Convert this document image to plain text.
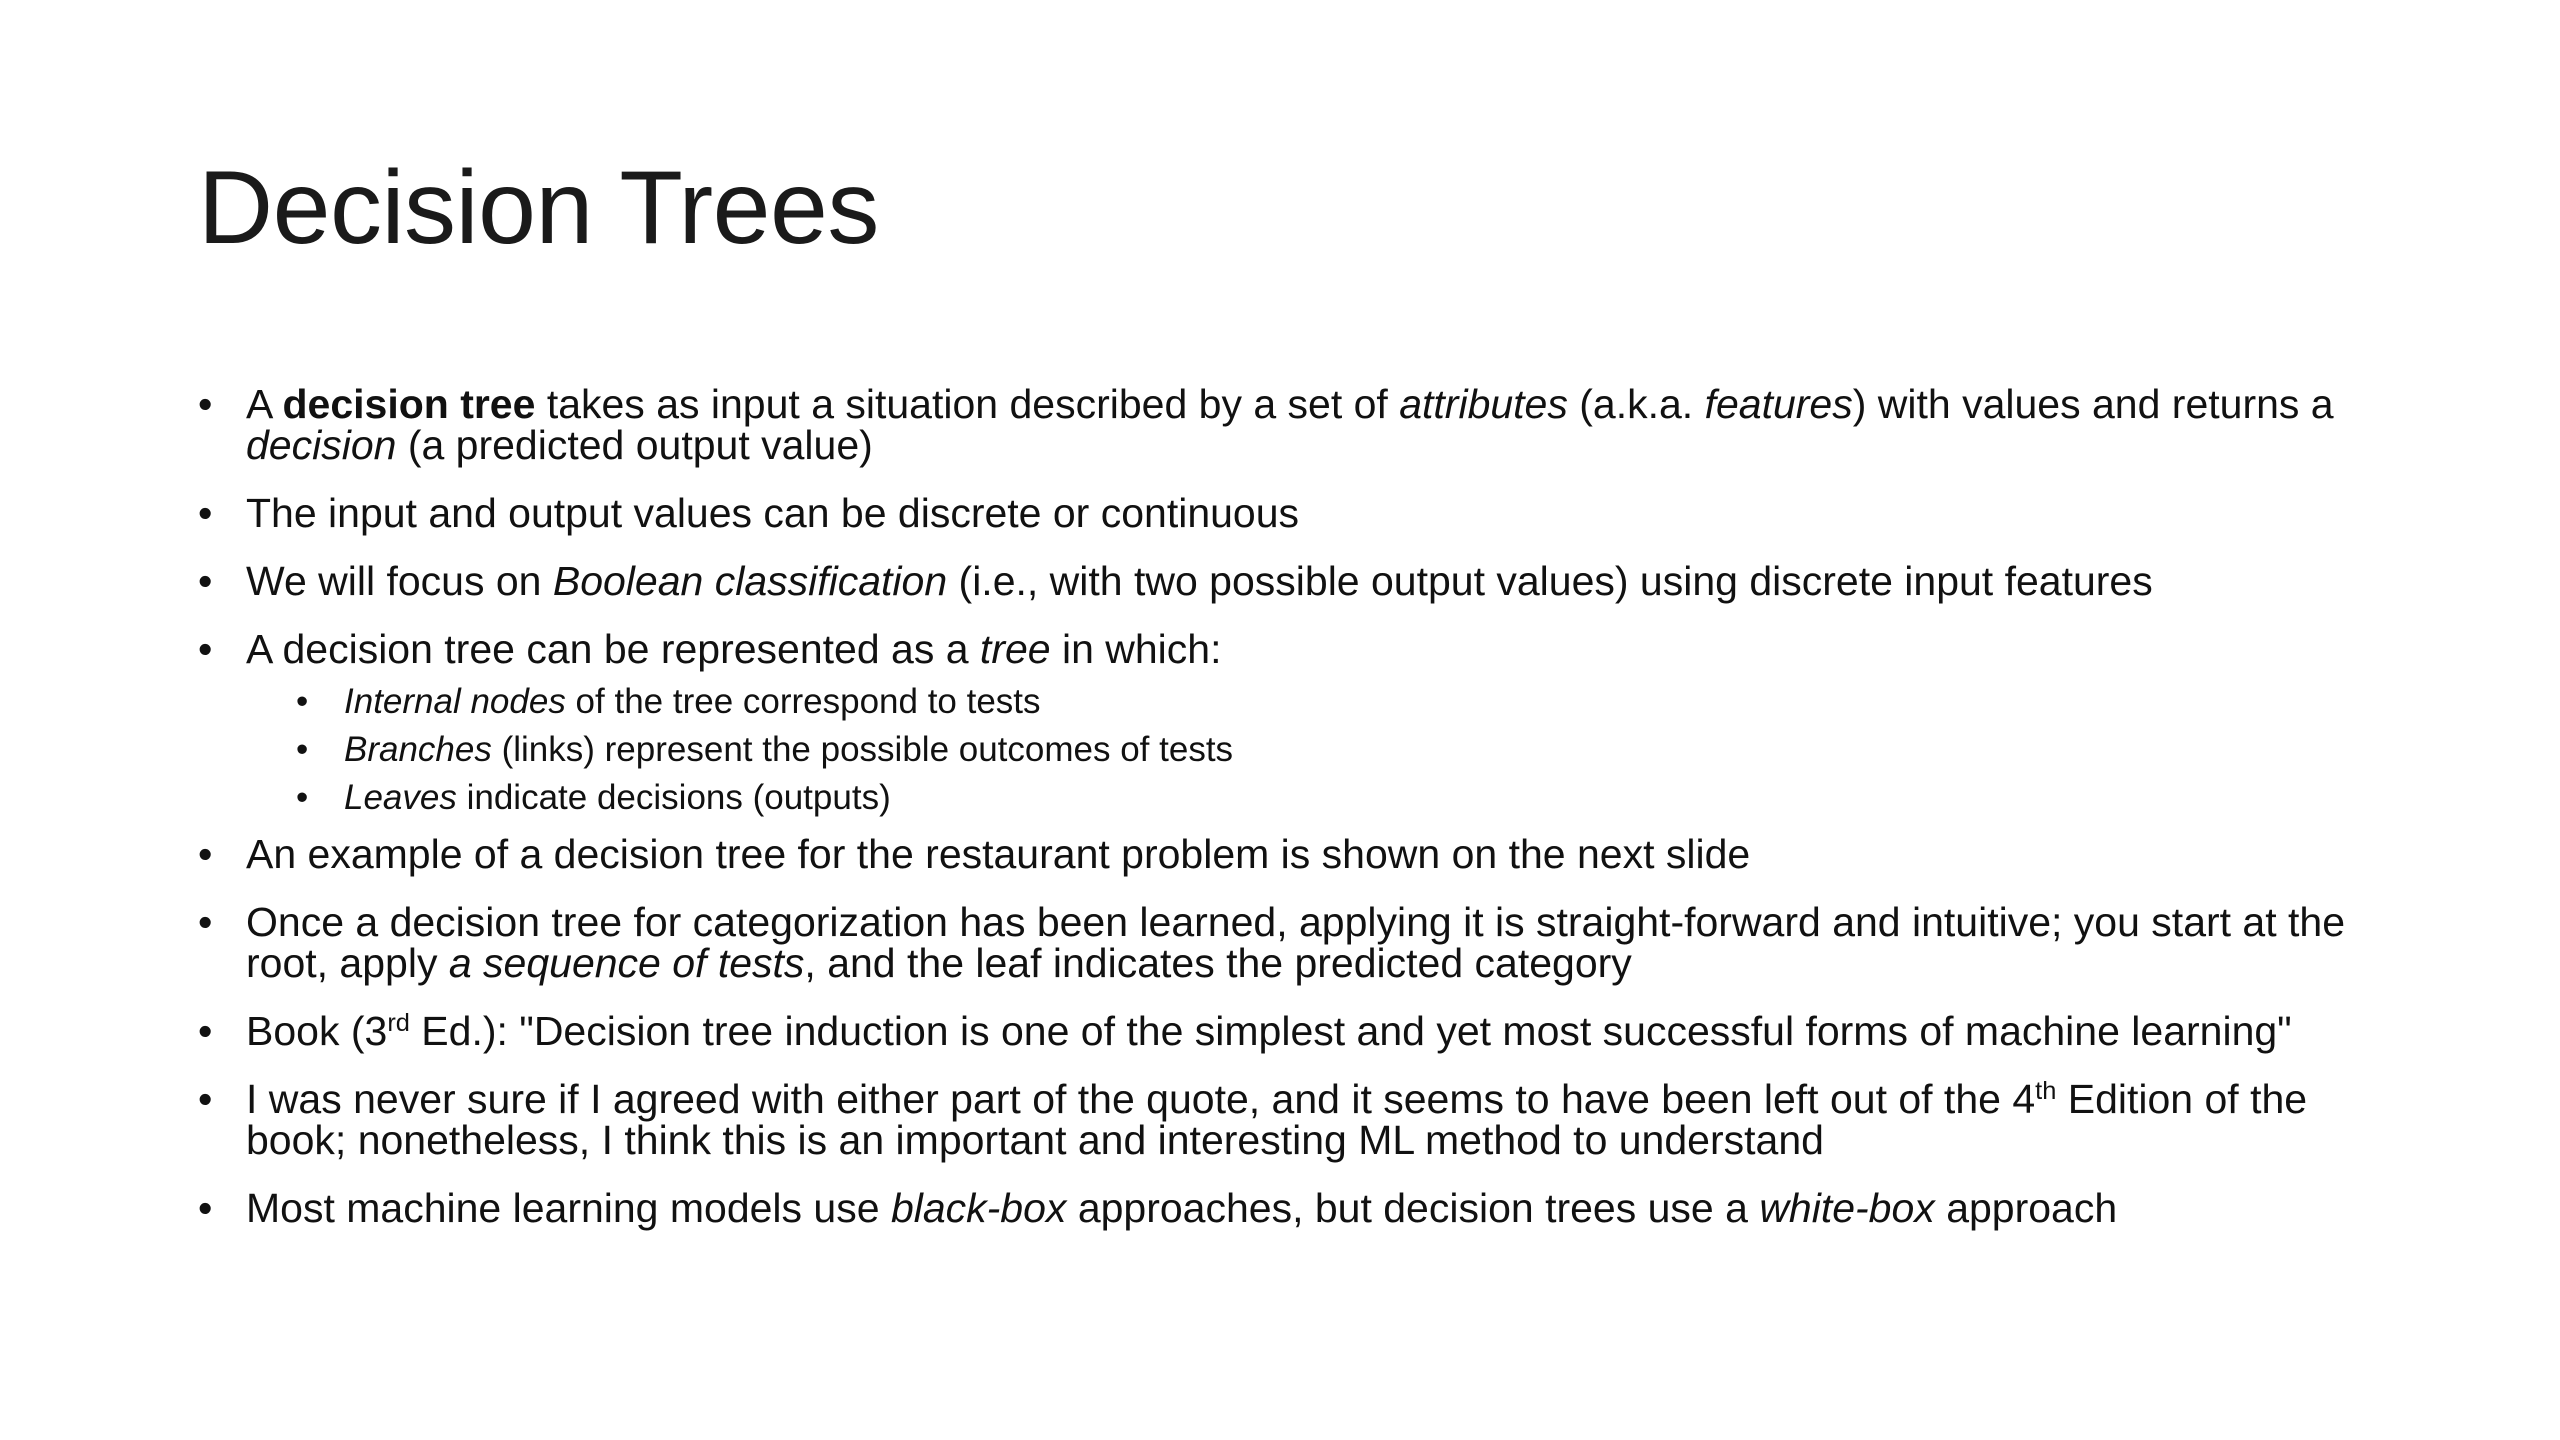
Decision Trees
• A decision tree takes as input a situation described by a set of attributes (a.k.a. features) with values and returns a decision (a predicted output value)
• The input and output values can be discrete or continuous
• We will focus on Boolean classification (i.e., with two possible output values) using discrete input features
• A decision tree can be represented as a tree in which:
• Internal nodes of the tree correspond to tests
• Branches (links) represent the possible outcomes of tests
• Leaves indicate decisions (outputs)
• An example of a decision tree for the restaurant problem is shown on the next slide
• Once a decision tree for categorization has been learned, applying it is straight-forward and intuitive; you start at the root, apply a sequence of tests, and the leaf indicates the predicted category
• Book (3rd Ed.): "Decision tree induction is one of the simplest and yet most successful forms of machine learning"
• I was never sure if I agreed with either part of the quote, and it seems to have been left out of the 4th Edition of the book; nonetheless, I think this is an important and interesting ML method to understand
• Most machine learning models use black-box approaches, but decision trees use a white-box approach
